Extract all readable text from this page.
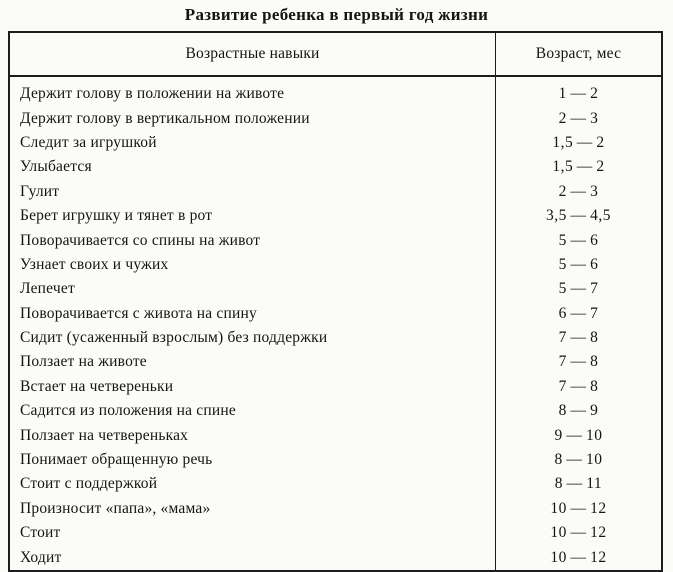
Развитие ребенка в первый год жизни
Возрастные навыки	Возраст, мес
Держит голову в положении на животе	1 — 2
Держит голову в вертикальном положении	2 — 3
Следит за игрушкой	1,5 — 2
Улыбается	1,5 — 2
Гулит	2 — 3
Берет игрушку и тянет в рот	3,5 — 4,5
Поворачивается со спины на живот	5 — 6
Узнает своих и чужих	5 — 6
Лепечет	5 — 7
Поворачивается с живота на спину	6 — 7
Сидит (усаженный взрослым) без поддержки	7 — 8
Ползает на животе	7 — 8
Встает на четвереньки	7 — 8
Садится из положения на спине	8 — 9
Ползает на четвереньках	9 — 10
Понимает обращенную речь	8 — 10
Стоит с поддержкой	8 — 11
Произносит «папа», «мама»	10 — 12
Стоит	10 — 12
Ходит	10 — 12
